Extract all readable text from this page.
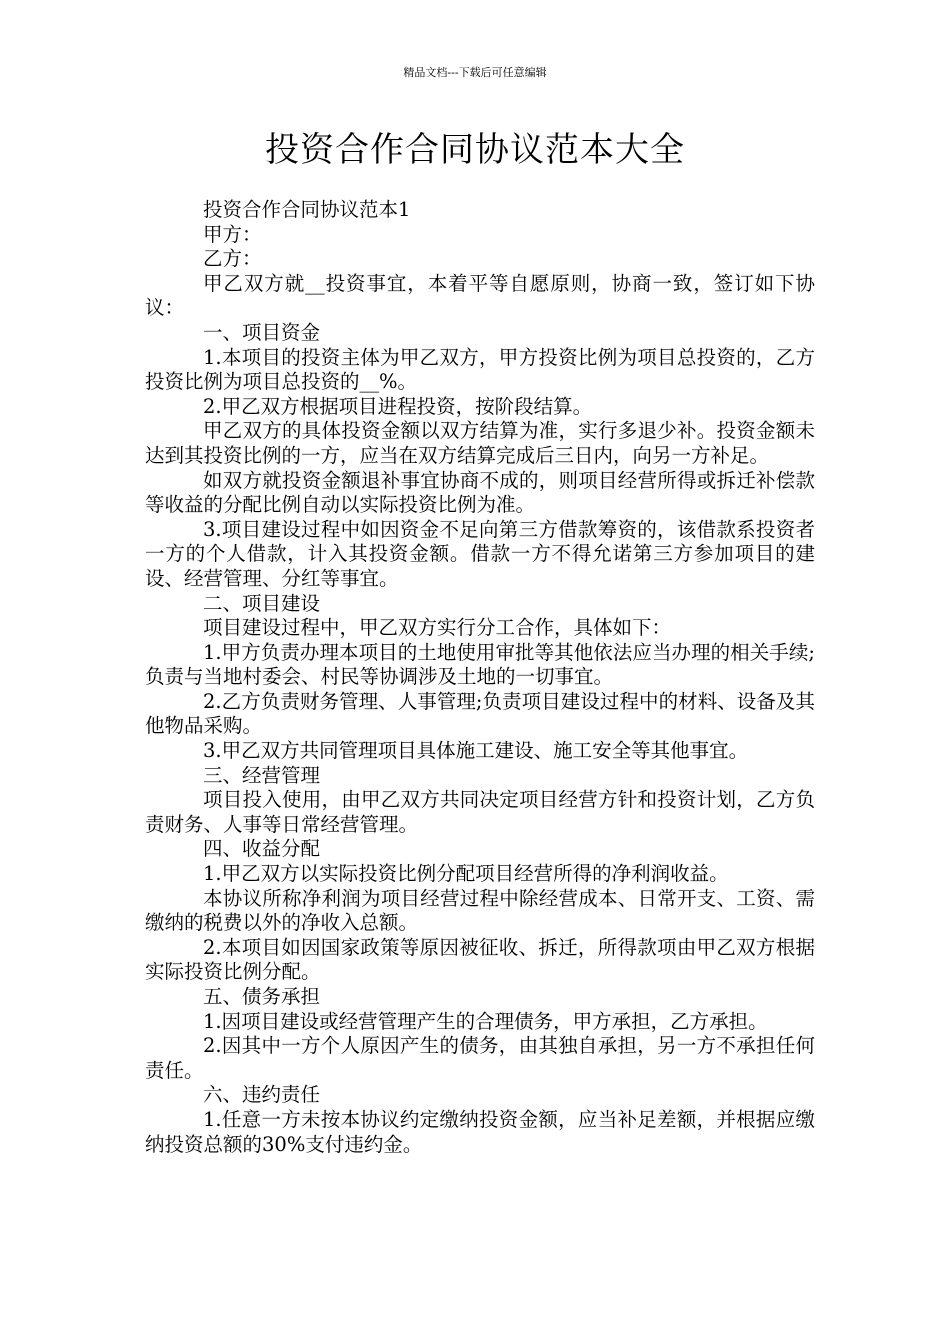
精品文档---下载后可任意编辑
投资合作合同协议范本大全

投资合作合同协议范本1

甲方：

乙方：

甲乙双方就__投资事宜，本着平等自愿原则，协商一致，签订如下协议：

一、项目资金

1.本项目的投资主体为甲乙双方，甲方投资比例为项目总投资的，乙方投资比例为项目总投资的__%。

2.甲乙双方根据项目进程投资，按阶段结算。

甲乙双方的具体投资金额以双方结算为准，实行多退少补。投资金额未达到其投资比例的一方，应当在双方结算完成后三日内，向另一方补足。

如双方就投资金额退补事宜协商不成的，则项目经营所得或拆迁补偿款等收益的分配比例自动以实际投资比例为准。

3.项目建设过程中如因资金不足向第三方借款筹资的，该借款系投资者一方的个人借款，计入其投资金额。借款一方不得允诺第三方参加项目的建设、经营管理、分红等事宜。

二、项目建设

项目建设过程中，甲乙双方实行分工合作，具体如下：

1.甲方负责办理本项目的土地使用审批等其他依法应当办理的相关手续;负责与当地村委会、村民等协调涉及土地的一切事宜。

2.乙方负责财务管理、人事管理;负责项目建设过程中的材料、设备及其他物品采购。

3.甲乙双方共同管理项目具体施工建设、施工安全等其他事宜。

三、经营管理

项目投入使用，由甲乙双方共同决定项目经营方针和投资计划，乙方负责财务、人事等日常经营管理。

四、收益分配

1.甲乙双方以实际投资比例分配项目经营所得的净利润收益。

本协议所称净利润为项目经营过程中除经营成本、日常开支、工资、需缴纳的税费以外的净收入总额。

2.本项目如因国家政策等原因被征收、拆迁，所得款项由甲乙双方根据实际投资比例分配。

五、债务承担

1.因项目建设或经营管理产生的合理债务，甲方承担，乙方承担。

2.因其中一方个人原因产生的债务，由其独自承担，另一方不承担任何责任。

六、违约责任

1.任意一方未按本协议约定缴纳投资金额，应当补足差额，并根据应缴纳投资总额的30%支付违约金。
